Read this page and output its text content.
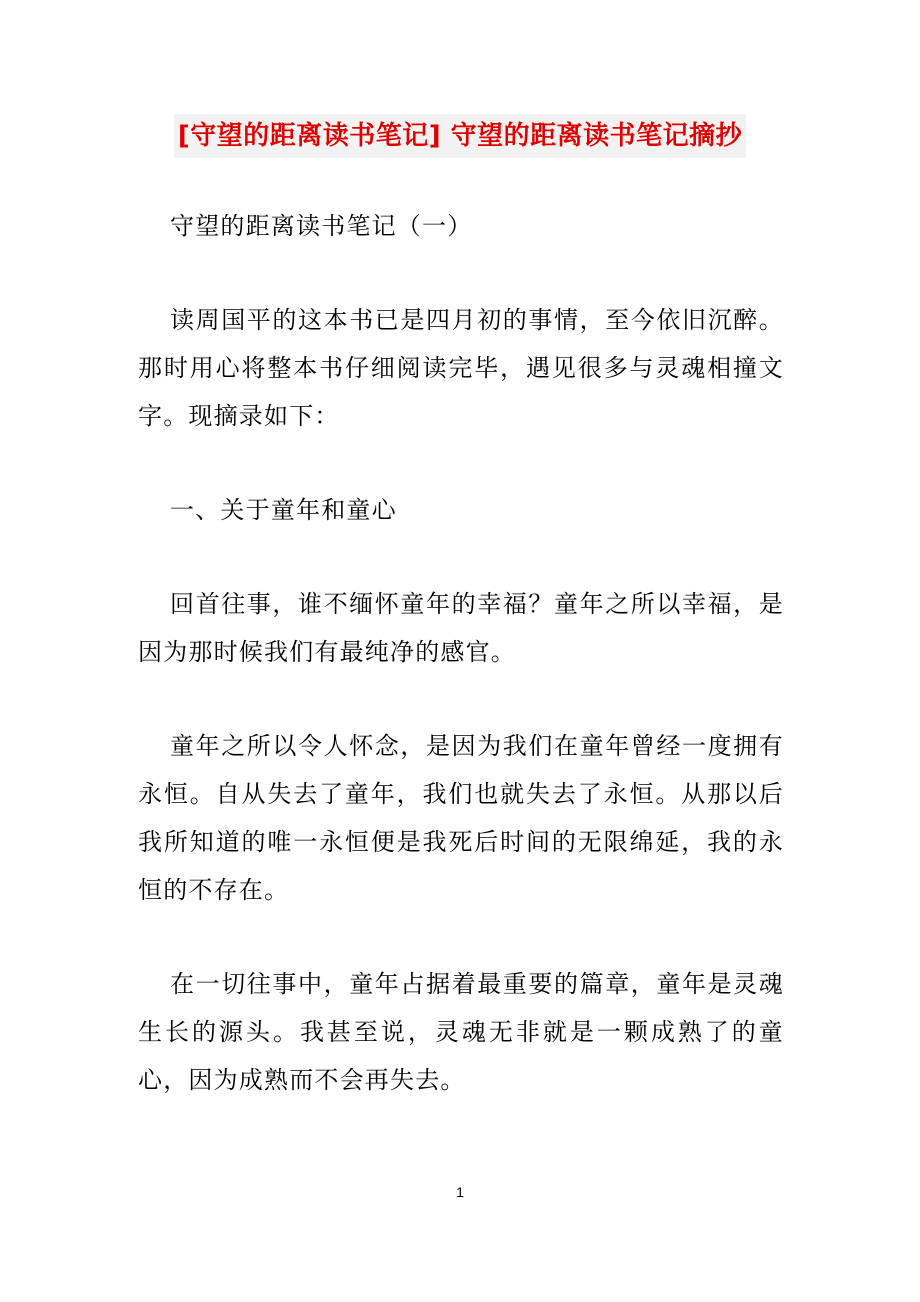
[守望的距离读书笔记] 守望的距离读书笔记摘抄

守望的距离读书笔记（一）

读周国平的这本书已是四月初的事情，至今依旧沉醉。那时用心将整本书仔细阅读完毕，遇见很多与灵魂相撞文字。现摘录如下：

一、关于童年和童心

回首往事，谁不缅怀童年的幸福？童年之所以幸福，是因为那时候我们有最纯净的感官。

童年之所以令人怀念，是因为我们在童年曾经一度拥有永恒。自从失去了童年，我们也就失去了永恒。从那以后我所知道的唯一永恒便是我死后时间的无限绵延，我的永恒的不存在。

在一切往事中，童年占据着最重要的篇章，童年是灵魂生长的源头。我甚至说，灵魂无非就是一颗成熟了的童心，因为成熟而不会再失去。

1
